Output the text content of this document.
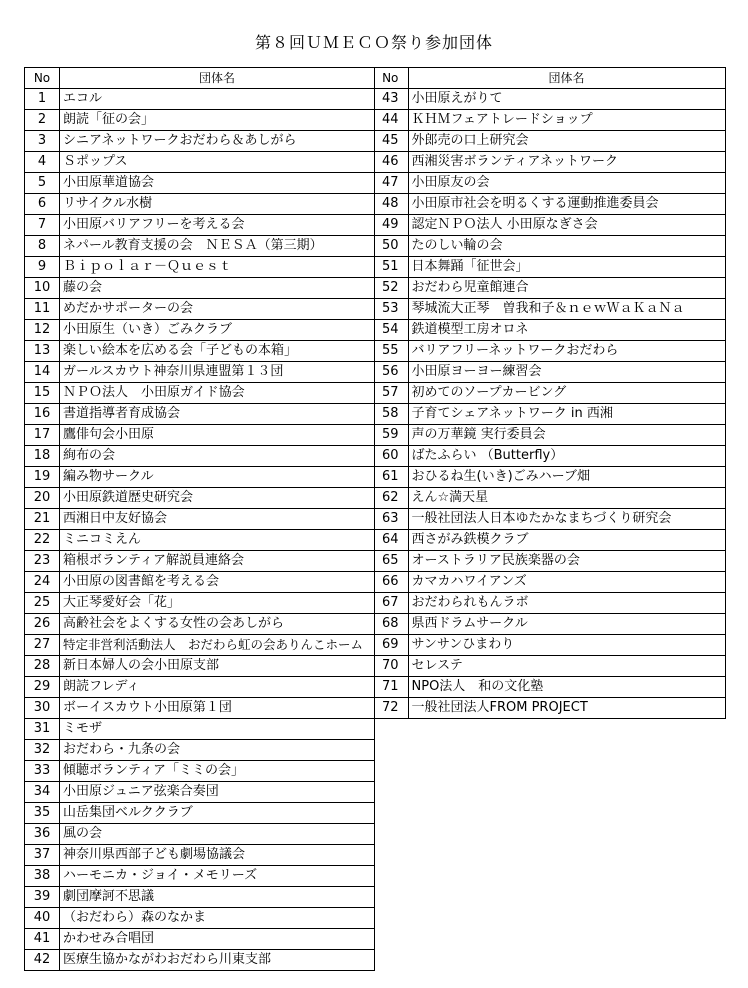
第８回ＵＭＥＣＯ祭り参加団体
No	団体名
1	エコル
2	朗読「征の会」
3	シニアネットワークおだわら＆あしがら
4	Ｓポップス
5	小田原華道協会
6	リサイクル水樹
7	小田原バリアフリーを考える会
8	ネパール教育支援の会　ＮＥＳＡ（第三期）
9	Ｂｉｐｏｌａｒ－Ｑｕｅｓｔ
10	藤の会
11	めだかサポーターの会
12	小田原生（いき）ごみクラブ
13	楽しい絵本を広める会「子どもの本箱」
14	ガールスカウト神奈川県連盟第１３団
15	ＮＰＯ法人　小田原ガイド協会
16	書道指導者育成協会
17	鷹俳句会小田原
18	絢布の会
19	編み物サークル
20	小田原鉄道歴史研究会
21	西湘日中友好協会
22	ミニコミえん
23	箱根ボランティア解説員連絡会
24	小田原の図書館を考える会
25	大正琴愛好会「花」
26	高齢社会をよくする女性の会あしがら
27	特定非営利活動法人　おだわら虹の会ありんこホーム
28	新日本婦人の会小田原支部
29	朗読フレディ
30	ボーイスカウト小田原第１団
31	ミモザ
32	おだわら・九条の会
33	傾聴ボランティア「ミミの会」
34	小田原ジュニア弦楽合奏団
35	山岳集団ベルククラブ
36	風の会
37	神奈川県西部子ども劇場協議会
38	ハーモニカ・ジョイ・メモリーズ
39	劇団摩訶不思議
40	（おだわら）森のなかま
41	かわせみ合唱団
42	医療生協かながわおだわら川東支部
No	団体名
43	小田原えがりて
44	ＫＨＭフェアトレードショップ
45	外郎売の口上研究会
46	西湘災害ボランティアネットワーク
47	小田原友の会
48	小田原市社会を明るくする運動推進委員会
49	認定ＮＰＯ法人 小田原なぎさ会
50	たのしい輪の会
51	日本舞踊「征世会」
52	おだわら児童館連合
53	琴城流大正琴　曽我和子＆ｎｅｗＷａＫａＮａ
54	鉄道模型工房オロネ
55	バリアフリーネットワークおだわら
56	小田原ヨーヨー練習会
57	初めてのソープカービング
58	子育てシェアネットワーク in 西湘
59	声の万華鏡 実行委員会
60	ばたふらい （Butterfly）
61	おひるね生(いき)ごみハーブ畑
62	えん☆満天星
63	一般社団法人日本ゆたかなまちづくり研究会
64	西さがみ鉄模クラブ
65	オーストラリア民族楽器の会
66	カマカハワイアンズ
67	おだわられもんラボ
68	県西ドラムサークル
69	サンサンひまわり
70	セレステ
71	NPO法人　和の文化塾
72	一般社団法人FROM PROJECT
